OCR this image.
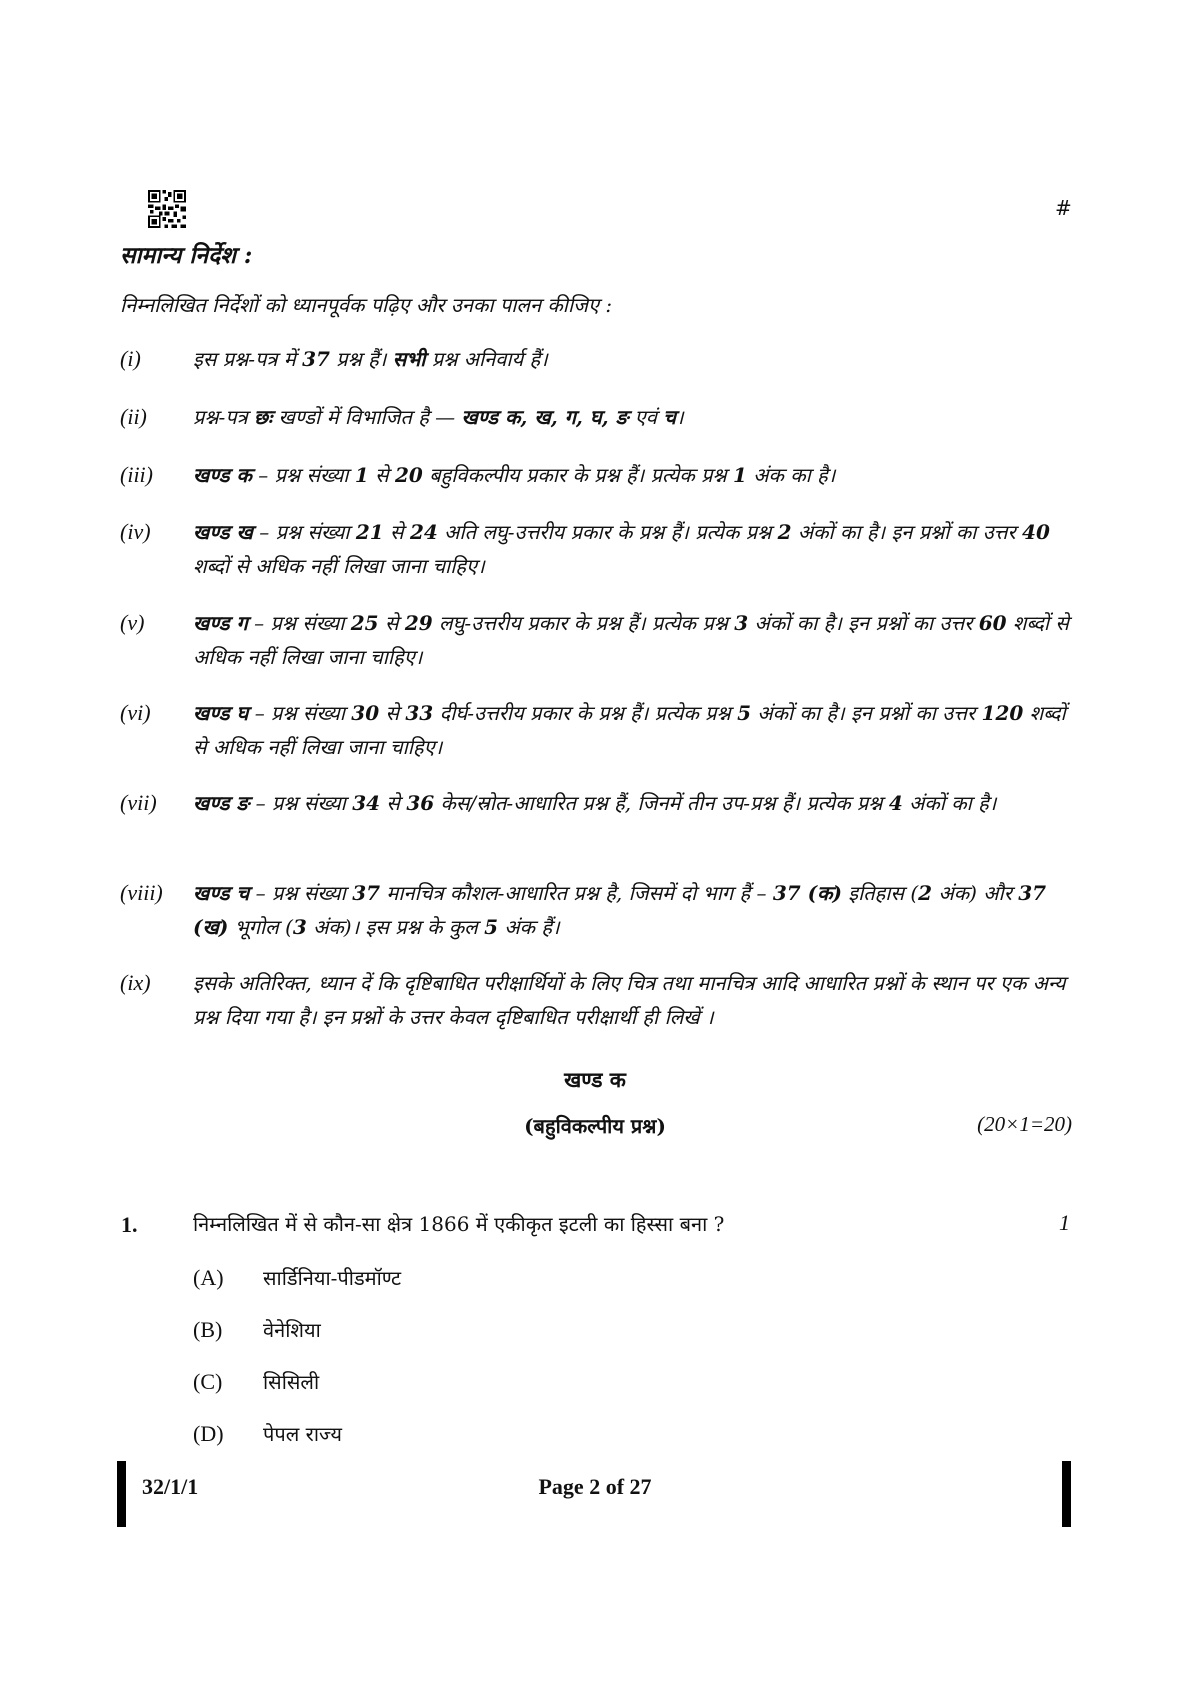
#
सामान्य निर्देश :
निम्नलिखित निर्देशों को ध्यानपूर्वक पढ़िए और उनका पालन कीजिए :
(i)	इस प्रश्न-पत्र में 37 प्रश्न हैं। सभी प्रश्न अनिवार्य हैं।
(ii)	प्रश्न-पत्र छः खण्डों में विभाजित है — खण्ड क, ख, ग, घ, ङ एवं च।
(iii)	खण्ड क – प्रश्न संख्या 1 से 20 बहुविकल्पीय प्रकार के प्रश्न हैं। प्रत्येक प्रश्न 1 अंक का है।
(iv)	खण्ड ख – प्रश्न संख्या 21 से 24 अति लघु-उत्तरीय प्रकार के प्रश्न हैं। प्रत्येक प्रश्न 2 अंकों का है। इन प्रश्नों का उत्तर 40 शब्दों से अधिक नहीं लिखा जाना चाहिए।
(v)	खण्ड ग – प्रश्न संख्या 25 से 29 लघु-उत्तरीय प्रकार के प्रश्न हैं। प्रत्येक प्रश्न 3 अंकों का है। इन प्रश्नों का उत्तर 60 शब्दों से अधिक नहीं लिखा जाना चाहिए।
(vi)	खण्ड घ – प्रश्न संख्या 30 से 33 दीर्घ-उत्तरीय प्रकार के प्रश्न हैं। प्रत्येक प्रश्न 5 अंकों का है। इन प्रश्नों का उत्तर 120 शब्दों से अधिक नहीं लिखा जाना चाहिए।
(vii)	खण्ड ङ – प्रश्न संख्या 34 से 36 केस/स्रोत-आधारित प्रश्न हैं, जिनमें तीन उप-प्रश्न हैं। प्रत्येक प्रश्न 4 अंकों का है।
(viii)	खण्ड च – प्रश्न संख्या 37 मानचित्र कौशल-आधारित प्रश्न है, जिसमें दो भाग हैं – 37 (क) इतिहास (2 अंक) और 37 (ख) भूगोल (3 अंक)। इस प्रश्न के कुल 5 अंक हैं।
(ix)	इसके अतिरिक्त, ध्यान दें कि दृष्टिबाधित परीक्षार्थियों के लिए चित्र तथा मानचित्र आदि आधारित प्रश्नों के स्थान पर एक अन्य प्रश्न दिया गया है। इन प्रश्नों के उत्तर केवल दृष्टिबाधित परीक्षार्थी ही लिखें ।
खण्ड क
(बहुविकल्पीय प्रश्न)	(20×1=20)
1.	निम्नलिखित में से कौन-सा क्षेत्र 1866 में एकीकृत इटली का हिस्सा बना ?	1
(A) सार्डिनिया-पीडमॉण्ट
(B) वेनेशिया
(C) सिसिली
(D) पेपल राज्य
32/1/1	Page 2 of 27
